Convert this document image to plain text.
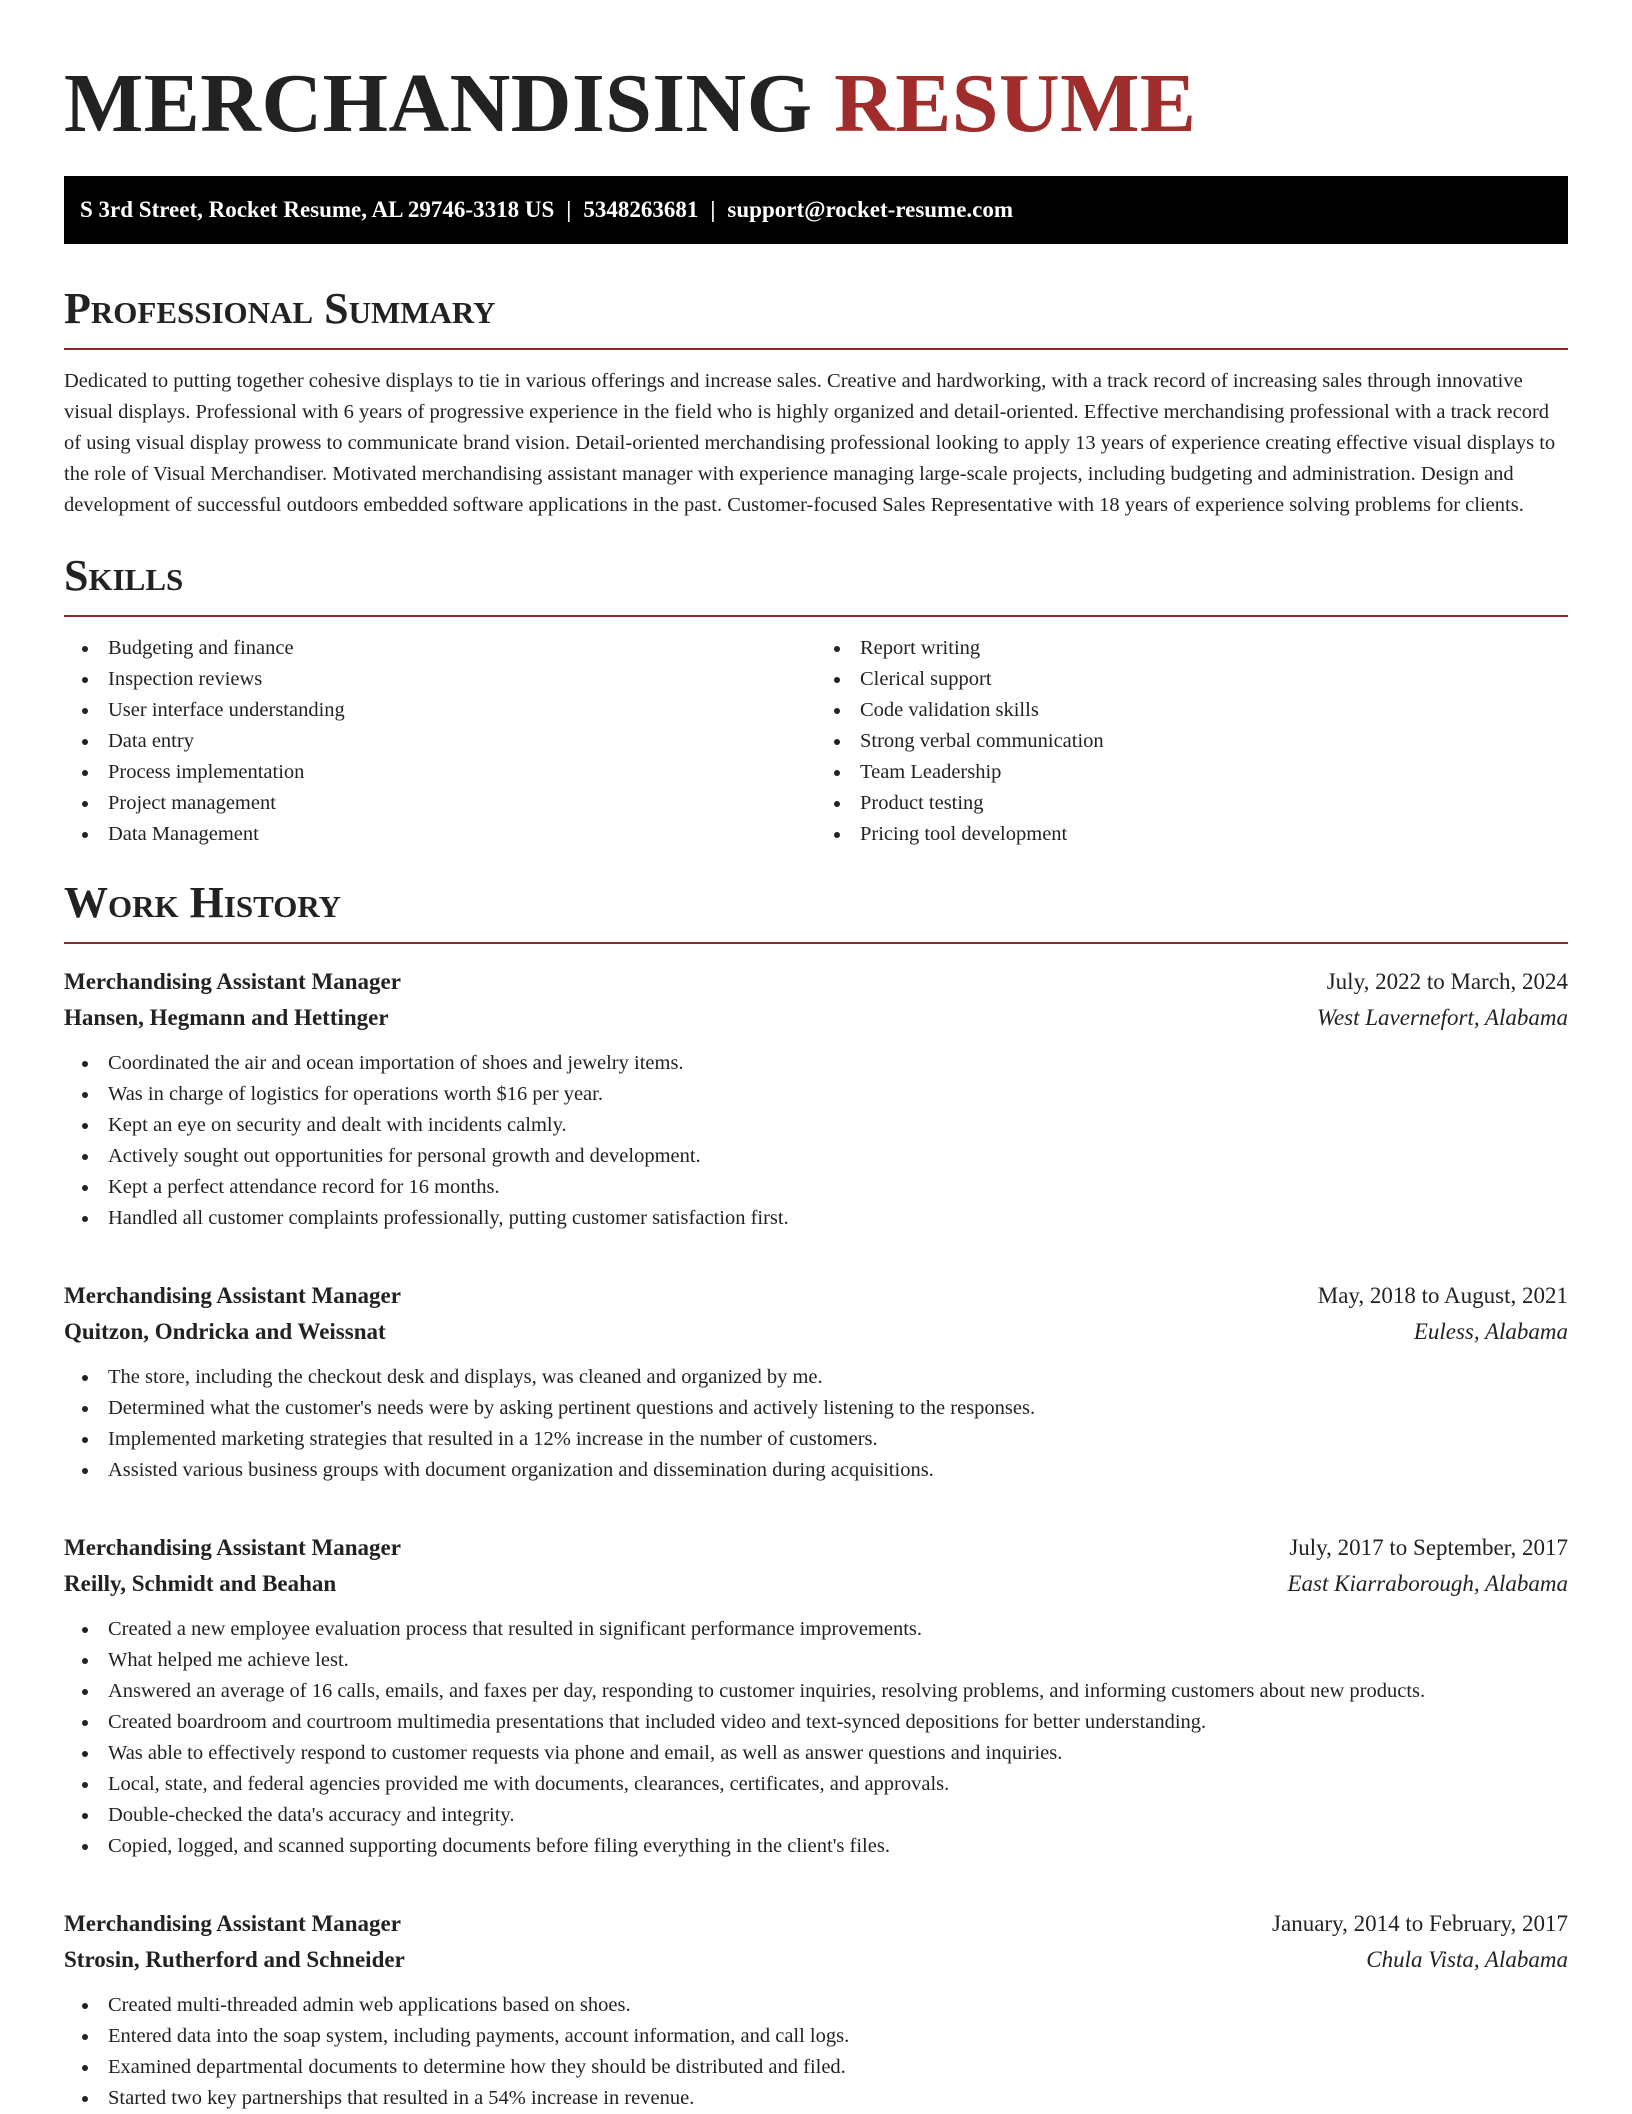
MERCHANDISING RESUME
S 3rd Street, Rocket Resume, AL 29746-3318 US | 5348263681 | support@rocket-resume.com
Professional Summary

Dedicated to putting together cohesive displays to tie in various offerings and increase sales. Creative and hardworking, with a track record of increasing sales through innovative visual displays. Professional with 6 years of progressive experience in the field who is highly organized and detail-oriented. Effective merchandising professional with a track record of using visual display prowess to communicate brand vision. Detail-oriented merchandising professional looking to apply 13 years of experience creating effective visual displays to the role of Visual Merchandiser. Motivated merchandising assistant manager with experience managing large-scale projects, including budgeting and administration. Design and development of successful outdoors embedded software applications in the past. Customer-focused Sales Representative with 18 years of experience solving problems for clients.

Skills
Budgeting and finance
Inspection reviews
User interface understanding
Data entry
Process implementation
Project management
Data Management
Report writing
Clerical support
Code validation skills
Strong verbal communication
Team Leadership
Product testing
Pricing tool development
Work History
Merchandising Assistant Manager	July, 2022 to March, 2024
Hansen, Hegmann and Hettinger	West Lavernefort, Alabama
Coordinated the air and ocean importation of shoes and jewelry items.
Was in charge of logistics for operations worth $16 per year.
Kept an eye on security and dealt with incidents calmly.
Actively sought out opportunities for personal growth and development.
Kept a perfect attendance record for 16 months.
Handled all customer complaints professionally, putting customer satisfaction first.
Merchandising Assistant Manager	May, 2018 to August, 2021
Quitzon, Ondricka and Weissnat	Euless, Alabama
The store, including the checkout desk and displays, was cleaned and organized by me.
Determined what the customer's needs were by asking pertinent questions and actively listening to the responses.
Implemented marketing strategies that resulted in a 12% increase in the number of customers.
Assisted various business groups with document organization and dissemination during acquisitions.
Merchandising Assistant Manager	July, 2017 to September, 2017
Reilly, Schmidt and Beahan	East Kiarraborough, Alabama
Created a new employee evaluation process that resulted in significant performance improvements.
What helped me achieve lest.
Answered an average of 16 calls, emails, and faxes per day, responding to customer inquiries, resolving problems, and informing customers about new products.
Created boardroom and courtroom multimedia presentations that included video and text-synced depositions for better understanding.
Was able to effectively respond to customer requests via phone and email, as well as answer questions and inquiries.
Local, state, and federal agencies provided me with documents, clearances, certificates, and approvals.
Double-checked the data's accuracy and integrity.
Copied, logged, and scanned supporting documents before filing everything in the client's files.
Merchandising Assistant Manager	January, 2014 to February, 2017
Strosin, Rutherford and Schneider	Chula Vista, Alabama
Created multi-threaded admin web applications based on shoes.
Entered data into the soap system, including payments, account information, and call logs.
Examined departmental documents to determine how they should be distributed and filed.
Started two key partnerships that resulted in a 54% increase in revenue.
